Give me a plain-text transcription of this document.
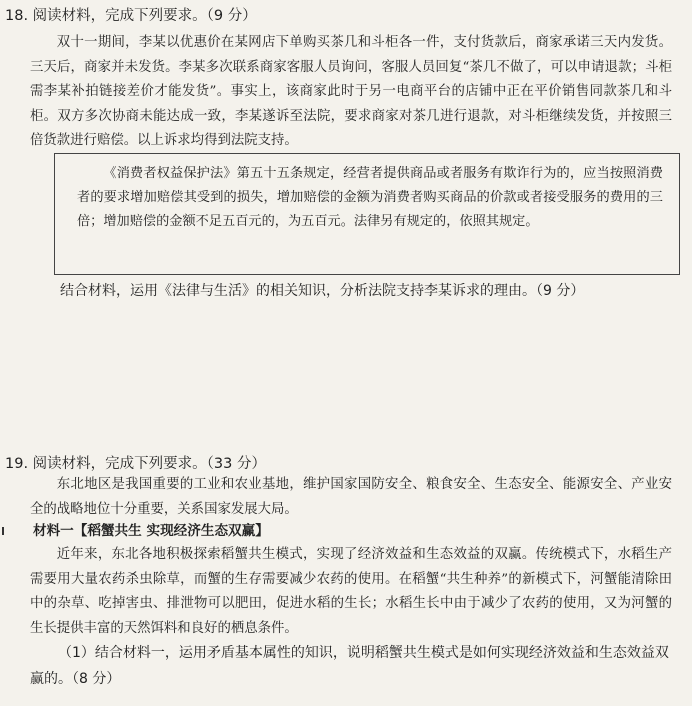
18. 阅读材料，完成下列要求。（9 分）
双十一期间，李某以优惠价在某网店下单购买茶几和斗柜各一件，支付货款后，商家承诺三天内发货。三天后，商家并未发货。李某多次联系商家客服人员询问，客服人员回复“茶几不做了，可以申请退款；斗柜需李某补拍链接差价才能发货”。事实上，该商家此时于另一电商平台的店铺中正在平价销售同款茶几和斗柜。双方多次协商未能达成一致，李某遂诉至法院，要求商家对茶几进行退款，对斗柜继续发货，并按照三倍货款进行赔偿。以上诉求均得到法院支持。
《消费者权益保护法》第五十五条规定，经营者提供商品或者服务有欺诈行为的，应当按照消费者的要求增加赔偿其受到的损失，增加赔偿的金额为消费者购买商品的价款或者接受服务的费用的三倍；增加赔偿的金额不足五百元的，为五百元。法律另有规定的，依照其规定。
结合材料，运用《法律与生活》的相关知识，分析法院支持李某诉求的理由。（9 分）
19. 阅读材料，完成下列要求。（33 分）
东北地区是我国重要的工业和农业基地，维护国家国防安全、粮食安全、生态安全、能源安全、产业安全的战略地位十分重要，关系国家发展大局。
材料一【稻蟹共生 实现经济生态双赢】
近年来，东北各地积极探索稻蟹共生模式，实现了经济效益和生态效益的双赢。传统模式下，水稻生产需要用大量农药杀虫除草，而蟹的生存需要减少农药的使用。在稻蟹“共生种养”的新模式下，河蟹能清除田中的杂草、吃掉害虫、排泄物可以肥田，促进水稻的生长；水稻生长中由于减少了农药的使用，又为河蟹的生长提供丰富的天然饵料和良好的栖息条件。
（1）结合材料一，运用矛盾基本属性的知识，说明稻蟹共生模式是如何实现经济效益和生态效益双赢的。（8 分）
